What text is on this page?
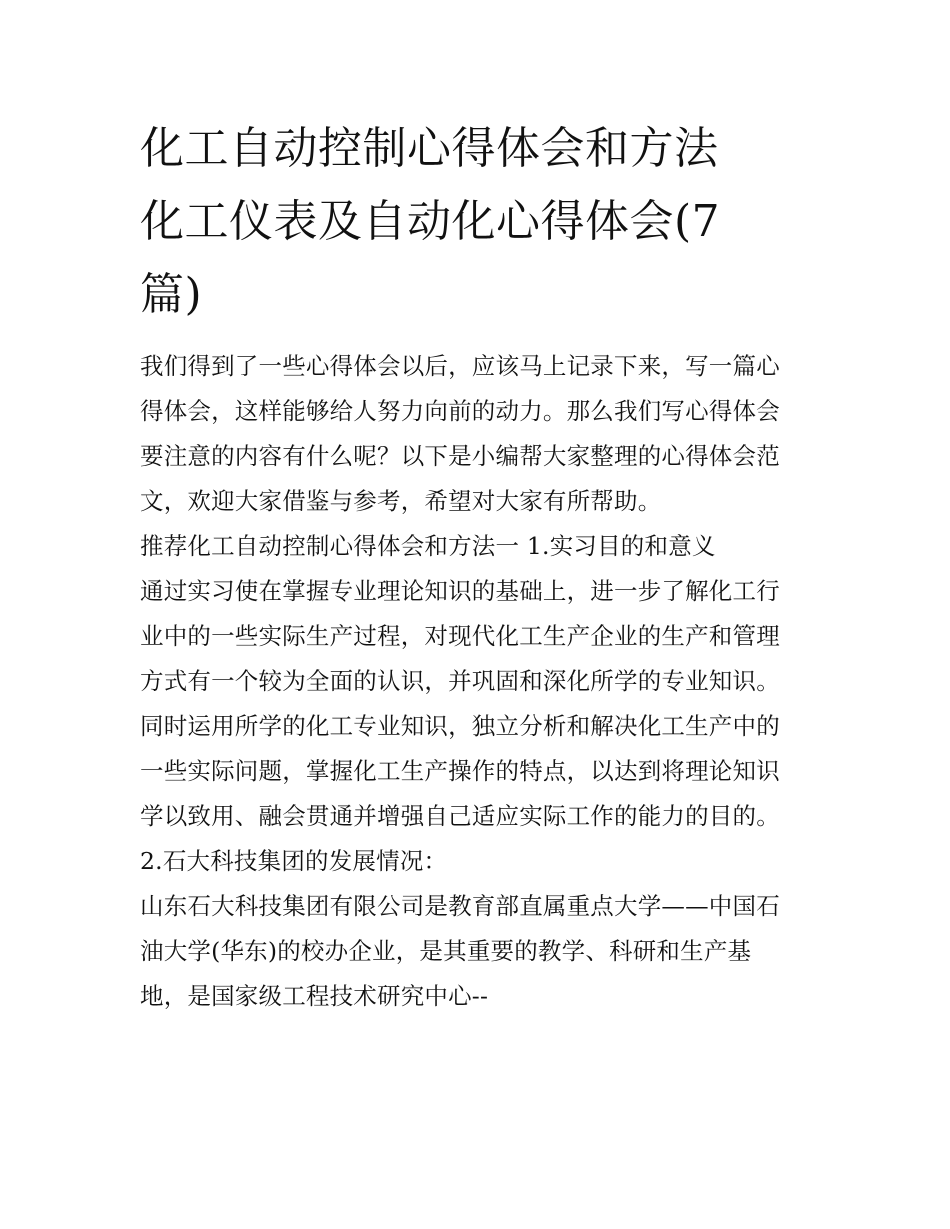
化工自动控制心得体会和方法
化工仪表及自动化心得体会(7
篇)

我们得到了一些心得体会以后，应该马上记录下来，写一篇心
得体会，这样能够给人努力向前的动力。那么我们写心得体会
要注意的内容有什么呢？以下是小编帮大家整理的心得体会范
文，欢迎大家借鉴与参考，希望对大家有所帮助。

推荐化工自动控制心得体会和方法一 1.实习目的和意义

通过实习使在掌握专业理论知识的基础上，进一步了解化工行
业中的一些实际生产过程，对现代化工生产企业的生产和管理
方式有一个较为全面的认识，并巩固和深化所学的专业知识。
同时运用所学的化工专业知识，独立分析和解决化工生产中的
一些实际问题，掌握化工生产操作的特点，以达到将理论知识
学以致用、融会贯通并增强自己适应实际工作的能力的目的。

2.石大科技集团的发展情况：

山东石大科技集团有限公司是教育部直属重点大学——中国石
油大学(华东)的校办企业，是其重要的教学、科研和生产基
地，是国家级工程技术研究中心--
